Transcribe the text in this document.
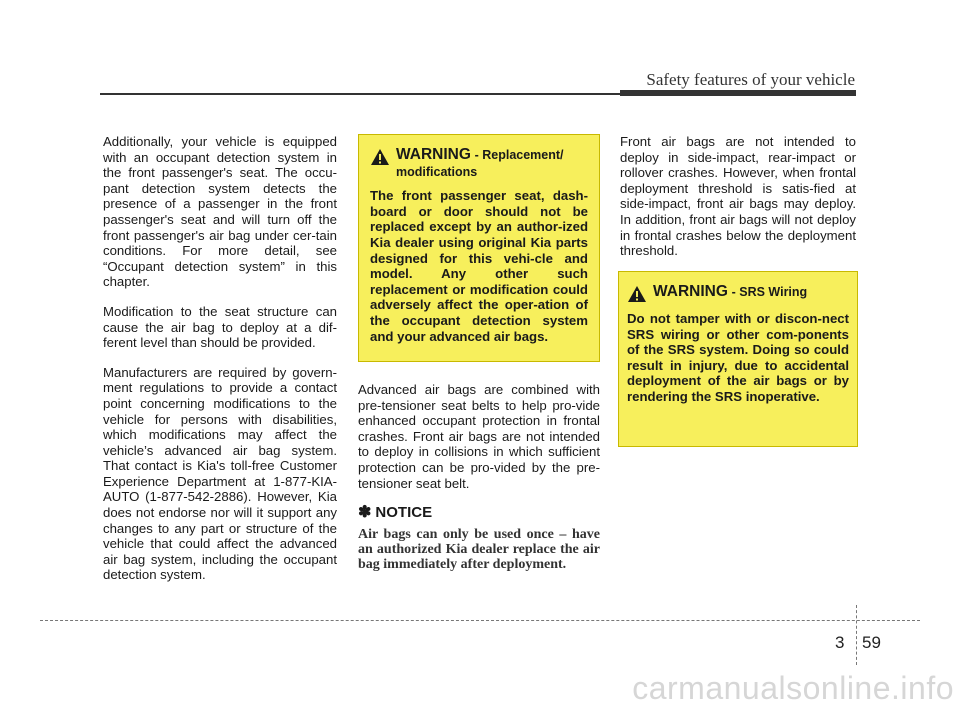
Safety features of your vehicle

Additionally, your vehicle is equipped with an occupant detection system in the front passenger's seat. The occu-pant detection system detects the presence of a passenger in the front passenger's seat and will turn off the front passenger's air bag under cer-tain conditions. For more detail, see “Occupant detection system” in this chapter.

Modification to the seat structure can cause the air bag to deploy at a dif-ferent level than should be provided.

Manufacturers are required by govern-ment regulations to provide a contact point concerning modifications to the vehicle for persons with disabilities, which modifications may affect the vehicle’s advanced air bag system. That contact is Kia's toll-free Customer Experience Department at 1-877-KIA-AUTO (1-877-542-2886). However, Kia does not endorse nor will it support any changes to any part or structure of the vehicle that could affect the advanced air bag system, including the occupant detection system.

WARNING - Replacement/ modifications
The front passenger seat, dash-board or door should not be replaced except by an author-ized Kia dealer using original Kia parts designed for this vehi-cle and model. Any other such replacement or modification could adversely affect the oper-ation of the occupant detection system and your advanced air bags.

Advanced air bags are combined with pre-tensioner seat belts to help pro-vide enhanced occupant protection in frontal crashes. Front air bags are not intended to deploy in collisions in which sufficient protection can be pro-vided by the pre-tensioner seat belt.

✽ NOTICE
Air bags can only be used once – have an authorized Kia dealer replace the air bag immediately after deployment.

Front air bags are not intended to deploy in side-impact, rear-impact or rollover crashes. However, when frontal deployment threshold is satis-fied at side-impact, front air bags may deploy. In addition, front air bags will not deploy in frontal crashes below the deployment threshold.

WARNING - SRS Wiring
Do not tamper with or discon-nect SRS wiring or other com-ponents of the SRS system. Doing so could result in injury, due to accidental deployment of the air bags or by rendering the SRS inoperative.
3 59
carmanualsonline.info
